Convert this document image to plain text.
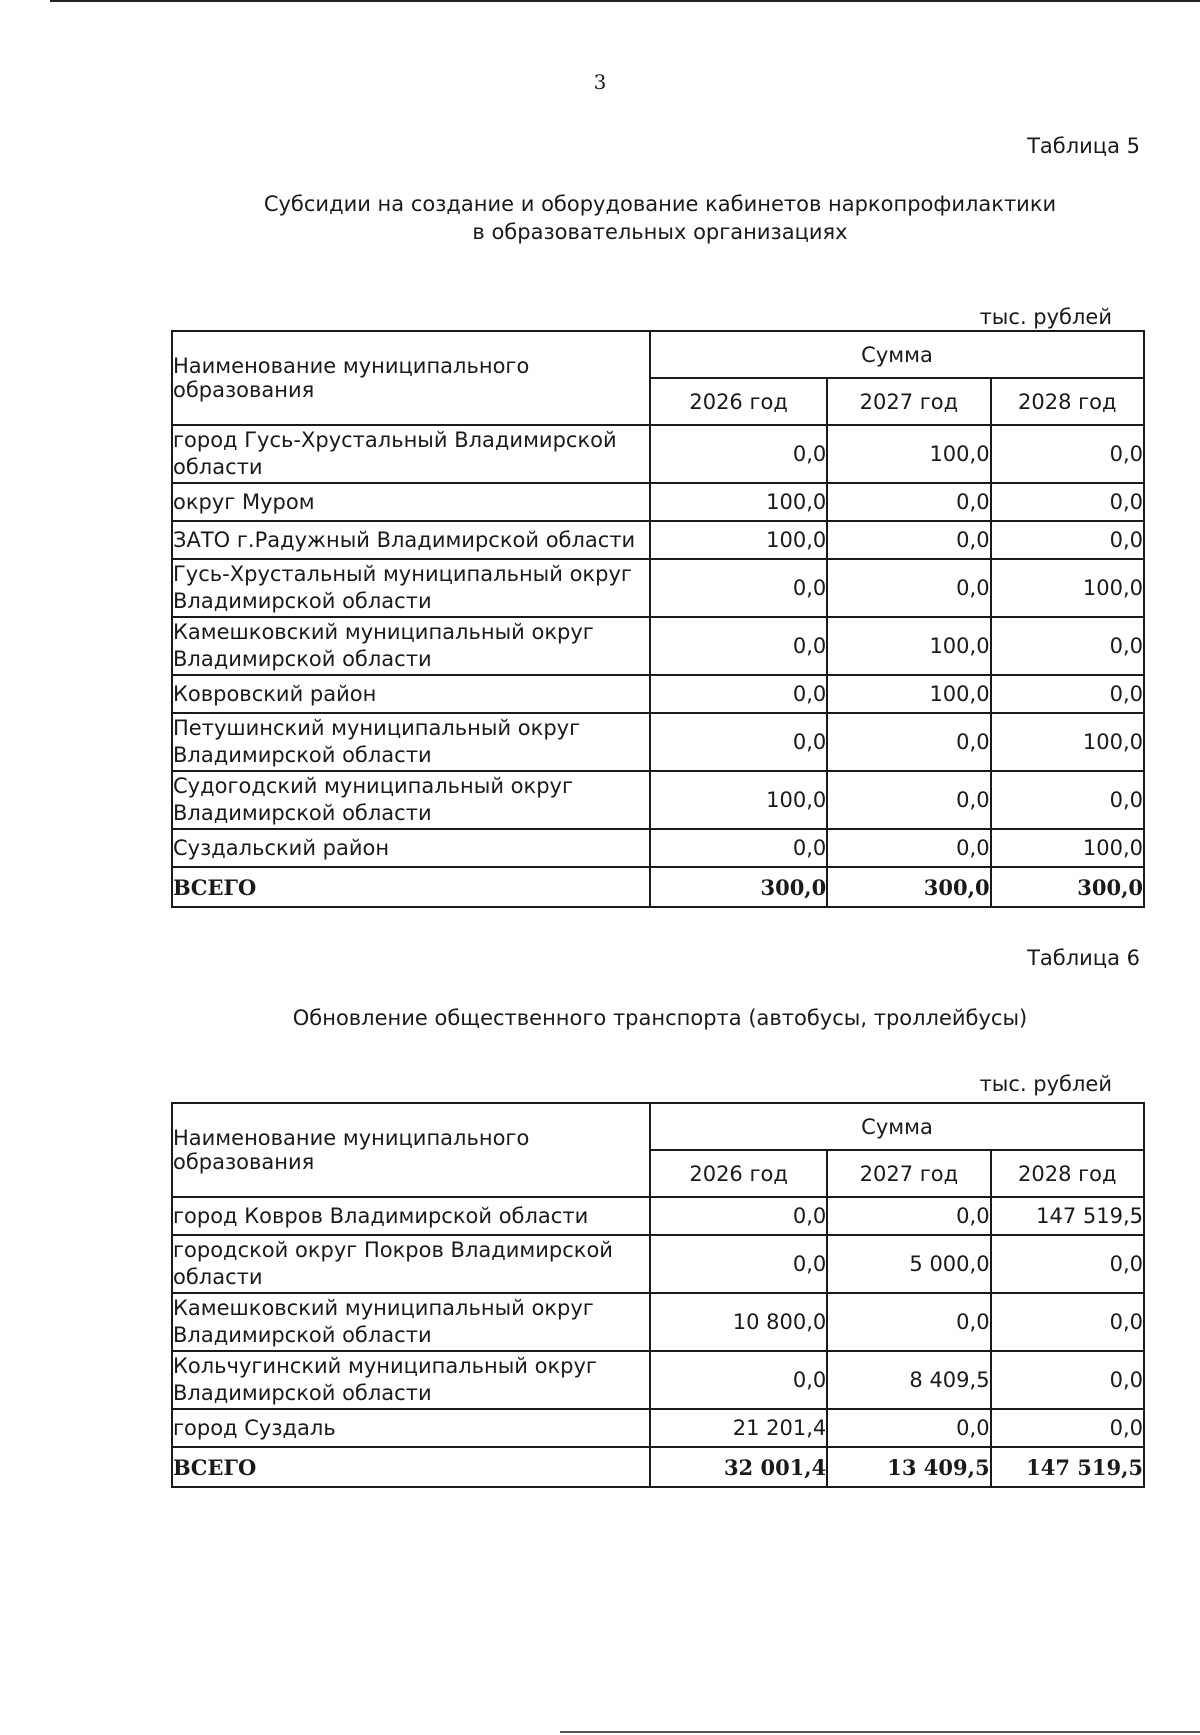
3
Таблица 5
Субсидии на создание и оборудование кабинетов наркопрофилактики
в образовательных организациях
тыс. рублей
Наименование муниципального образования	Сумма		
	2026 год	2027 год	2028 год
город Гусь-Хрустальный Владимирской области	0,0	100,0	0,0
округ Муром	100,0	0,0	0,0
ЗАТО г.Радужный Владимирской области	100,0	0,0	0,0
Гусь-Хрустальный муниципальный округ Владимирской области	0,0	0,0	100,0
Камешковский муниципальный округ Владимирской области	0,0	100,0	0,0
Ковровский район	0,0	100,0	0,0
Петушинский муниципальный округ Владимирской области	0,0	0,0	100,0
Судогодский муниципальный округ Владимирской области	100,0	0,0	0,0
Суздальский район	0,0	0,0	100,0
ВСЕГО	300,0	300,0	300,0
Таблица 6
Обновление общественного транспорта (автобусы, троллейбусы)
тыс. рублей
Наименование муниципального образования	Сумма		
	2026 год	2027 год	2028 год
город Ковров Владимирской области	0,0	0,0	147 519,5
городской округ Покров Владимирской области	0,0	5 000,0	0,0
Камешковский муниципальный округ Владимирской области	10 800,0	0,0	0,0
Кольчугинский муниципальный округ Владимирской области	0,0	8 409,5	0,0
город Суздаль	21 201,4	0,0	0,0
ВСЕГО	32 001,4	13 409,5	147 519,5
